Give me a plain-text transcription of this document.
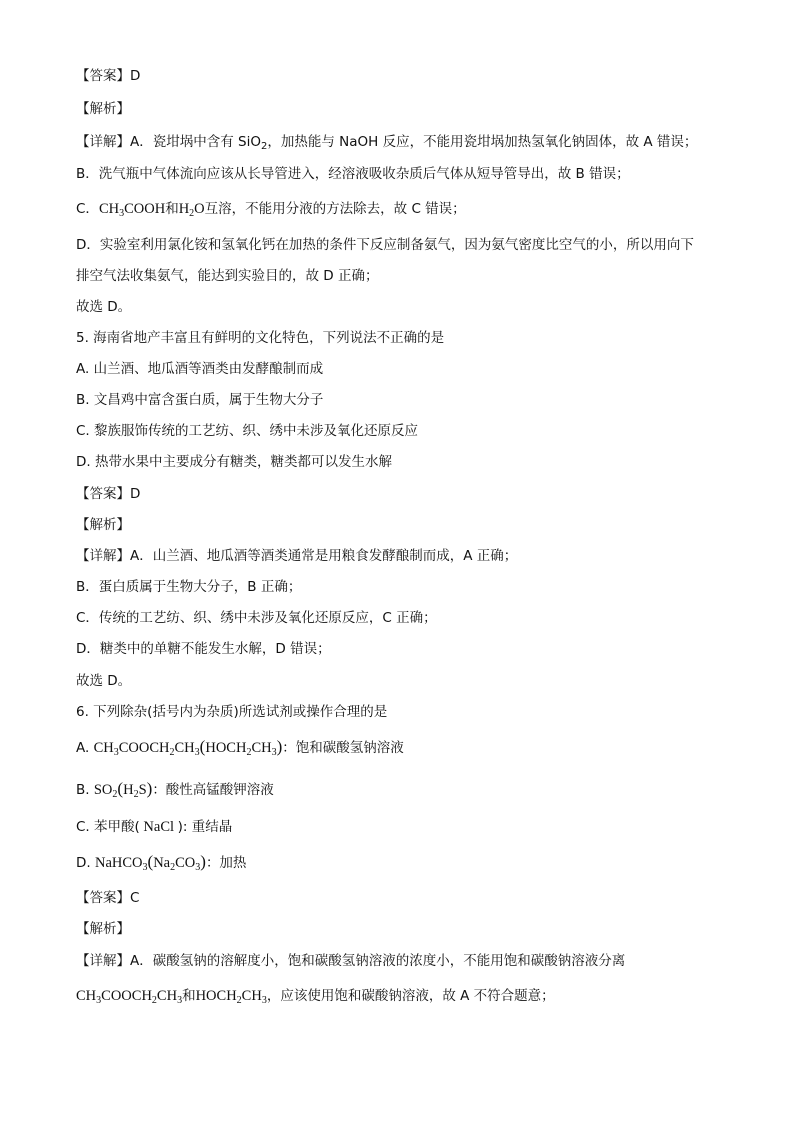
【答案】D
【解析】
【详解】A．瓷坩埚中含有 SiO$_2$，加热能与 NaOH 反应，不能用瓷坩埚加热氢氧化钠固体，故 A 错误；
B．洗气瓶中气体流向应该从长导管进入，经溶液吸收杂质后气体从短导管导出，故 B 错误；
C．$CH_3COOH$和$H_2O$互溶，不能用分液的方法除去，故 C 错误；
D．实验室利用氯化铵和氢氧化钙在加热的条件下反应制备氨气，因为氨气密度比空气的小，所以用向下
排空气法收集氨气，能达到实验目的，故 D 正确；
故选 D。
5. 海南省地产丰富且有鲜明的文化特色，下列说法不正确的是
A. 山兰酒、地瓜酒等酒类由发酵酿制而成
B. 文昌鸡中富含蛋白质，属于生物大分子
C. 黎族服饰传统的工艺纺、织、绣中未涉及氧化还原反应
D. 热带水果中主要成分有糖类，糖类都可以发生水解
【答案】D
【解析】
【详解】A．山兰酒、地瓜酒等酒类通常是用粮食发酵酿制而成，A 正确；
B．蛋白质属于生物大分子，B 正确；
C．传统的工艺纺、织、绣中未涉及氧化还原反应，C 正确；
D．糖类中的单糖不能发生水解，D 错误；
故选 D。
6. 下列除杂(括号内为杂质)所选试剂或操作合理的是
A. $CH_3COOCH_2CH_3(HOCH_2CH_3)$：饱和碳酸氢钠溶液
B. $SO_2(H_2S)$：酸性高锰酸钾溶液
C. 苯甲酸( NaCl ): 重结晶
D. $NaHCO_3(Na_2CO_3)$：加热
【答案】C
【解析】
【详解】A．碳酸氢钠的溶解度小，饱和碳酸氢钠溶液的浓度小，不能用饱和碳酸钠溶液分离
$CH_3COOCH_2CH_3$和$HOCH_2CH_3$，应该使用饱和碳酸钠溶液，故 A 不符合题意；
